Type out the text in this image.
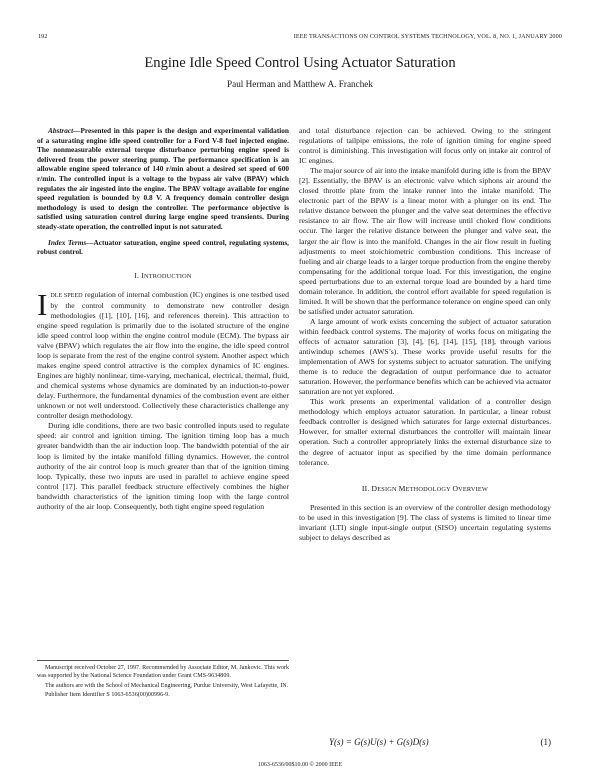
192	IEEE TRANSACTIONS ON CONTROL SYSTEMS TECHNOLOGY, VOL. 8, NO. 1, JANUARY 2000
Engine Idle Speed Control Using Actuator Saturation
Paul Herman and Matthew A. Franchek

Abstract—Presented in this paper is the design and experimental validation of a saturating engine idle speed controller for a Ford V-8 fuel injected engine. The nonmeasurable external torque disturbance perturbing engine speed is delivered from the power steering pump. The performance specification is an allowable engine speed tolerance of 140 r/min about a desired set speed of 600 r/min. The controlled input is a voltage to the bypass air valve (BPAV) which regulates the air ingested into the engine. The BPAV voltage available for engine speed regulation is bounded by 0.8 V. A frequency domain controller design methodology is used to design the controller. The performance objective is satisfied using saturation control during large engine speed transients. During steady-state operation, the controlled input is not saturated.

Index Terms—Actuator saturation, engine speed control, regulating systems, robust control.

I. INTRODUCTION

IDLE SPEED regulation of internal combustion (IC) engines is one testbed used by the control community to demonstrate new controller design methodologies ([1], [10], [16], and references therein). This attraction to engine speed regulation is primarily due to the isolated structure of the engine idle speed control loop within the engine control module (ECM). The bypass air valve (BPAV) which regulates the air flow into the engine, the idle speed control loop is separate from the rest of the engine control system. Another aspect which makes engine speed control attractive is the complex dynamics of IC engines. Engines are highly nonlinear, time-varying, mechanical, electrical, thermal, fluid, and chemical systems whose dynamics are dominated by an induction-to-power delay. Furthermore, the fundamental dynamics of the combustion event are either unknown or not well understood. Collectively these characteristics challenge any controller design methodology.

During idle conditions, there are two basic controlled inputs used to regulate speed: air control and ignition timing. The ignition timing loop has a much greater bandwidth than the air induction loop. The bandwidth potential of the air loop is limited by the intake manifold filling dynamics. However, the control authority of the air control loop is much greater than that of the ignition timing loop. Typically, these two inputs are used in parallel to achieve engine speed control [17]. This parallel feedback structure effectively combines the higher bandwidth characteristics of the ignition timing loop with the large control authority of the air loop. Consequently, both tight engine speed regulation

and total disturbance rejection can be achieved. Owing to the stringent regulations of tailpipe emissions, the role of ignition timing for engine speed control is diminishing. This investigation will focus only on intake air control of IC engines.

The major source of air into the intake manifold during idle is from the BPAV [2]. Essentially, the BPAV is an electronic valve which siphons air around the closed throttle plate from the intake runner into the intake manifold. The electronic part of the BPAV is a linear motor with a plunger on its end. The relative distance between the plunger and the valve seat determines the effective resistance to air flow. The air flow will increase until choked flow conditions occur. The larger the relative distance between the plunger and valve seat, the larger the air flow is into the manifold. Changes in the air flow result in fueling adjustments to meet stoichiometric combustion conditions. This increase of fueling and air charge leads to a larger torque production from the engine thereby compensating for the additional torque load. For this investigation, the engine speed perturbations due to an external torque load are bounded by a hard time domain tolerance. In addition, the control effort available for speed regulation is limited. It will be shown that the performance tolerance on engine speed can only be satisfied under actuator saturation.

A large amount of work exists concerning the subject of actuator saturation within feedback control systems. The majority of works focus on mitigating the effects of actuator saturation [3], [4], [6], [14], [15], [18], through various antiwindup schemes (AWS’s). These works provide useful results for the implementation of AWS for systems subject to actuator saturation. The unifying theme is to reduce the degradation of output performance due to actuator saturation. However, the performance benefits which can be achieved via actuator saturation are not yet explored.

This work presents an experimental validation of a controller design methodology which employs actuator saturation. In particular, a linear robust feedback controller is designed which saturates for large external disturbances. However, for smaller external disturbances the controller will maintain linear operation. Such a controller appropriately links the external disturbance size to the degree of actuator input as specified by the time domain performance tolerance.

II. DESIGN METHODOLOGY OVERVIEW

Presented in this section is an overview of the controller design methodology to be used in this investigation [9]. The class of systems is limited to linear time invariant (LTI) single input-single output (SISO) uncertain regulating systems subject to delays described as

Y(s) = G(s)U(s) + G(s)D(s)	(1)

Manuscript received October 27, 1997. Recommended by Associate Editor, M. Jankovic. This work was supported by the National Science Foundation under Grant CMS-9634809.

The authors are with the School of Mechanical Engineering, Purdue University, West Lafayette, IN.

Publisher Item Identifier S 1063-6536(00)00996-9.

1063-6536/00$10.00 © 2000 IEEE
